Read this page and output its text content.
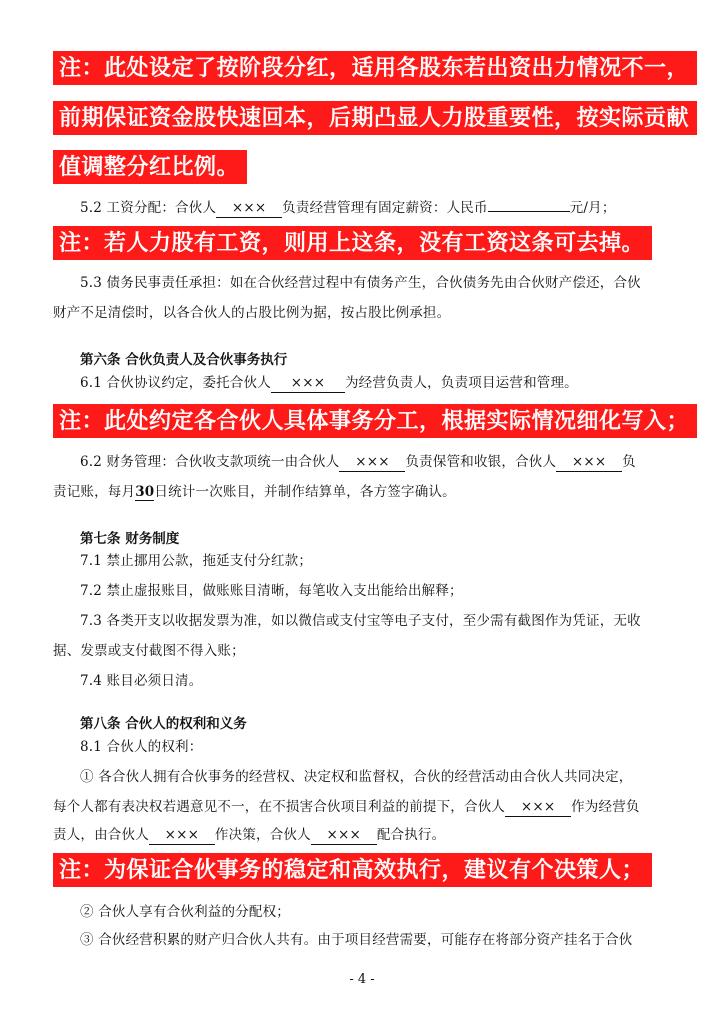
注：此处设定了按阶段分红，适用各股东若出资出力情况不一，
前期保证资金股快速回本，后期凸显人力股重要性，按实际贡献
值调整分红比例。
5.2 工资分配：合伙人 ××× 负责经营管理有固定薪资：人民币	元/月；
注：若人力股有工资，则用上这条，没有工资这条可去掉。
5.3 债务民事责任承担：如在合伙经营过程中有债务产生，合伙债务先由合伙财产偿还，合伙
财产不足清偿时，以各合伙人的占股比例为据，按占股比例承担。
第六条 合伙负责人及合伙事务执行
6.1 合伙协议约定，委托合伙人 ××× 为经营负责人，负责项目运营和管理。
注：此处约定各合伙人具体事务分工，根据实际情况细化写入；
6.2 财务管理：合伙收支款项统一由合伙人 ××× 负责保管和收银，合伙人 ××× 负
责记账，每月30日统计一次账目，并制作结算单，各方签字确认。
第七条 财务制度
7.1 禁止挪用公款，拖延支付分红款；
7.2 禁止虚报账目，做账账目清晰，每笔收入支出能给出解释；
7.3 各类开支以收据发票为准，如以微信或支付宝等电子支付，至少需有截图作为凭证，无收
据、发票或支付截图不得入账；
7.4 账目必须日清。
第八条 合伙人的权利和义务
8.1 合伙人的权利：
① 各合伙人拥有合伙事务的经营权、决定权和监督权，合伙的经营活动由合伙人共同决定，
每个人都有表决权若遇意见不一，在不损害合伙项目利益的前提下，合伙人 ××× 作为经营负
责人，由合伙人 ××× 作决策，合伙人 ××× 配合执行。
注：为保证合伙事务的稳定和高效执行，建议有个决策人；
② 合伙人享有合伙利益的分配权；
③ 合伙经营积累的财产归合伙人共有。由于项目经营需要，可能存在将部分资产挂名于合伙
- 4 -
